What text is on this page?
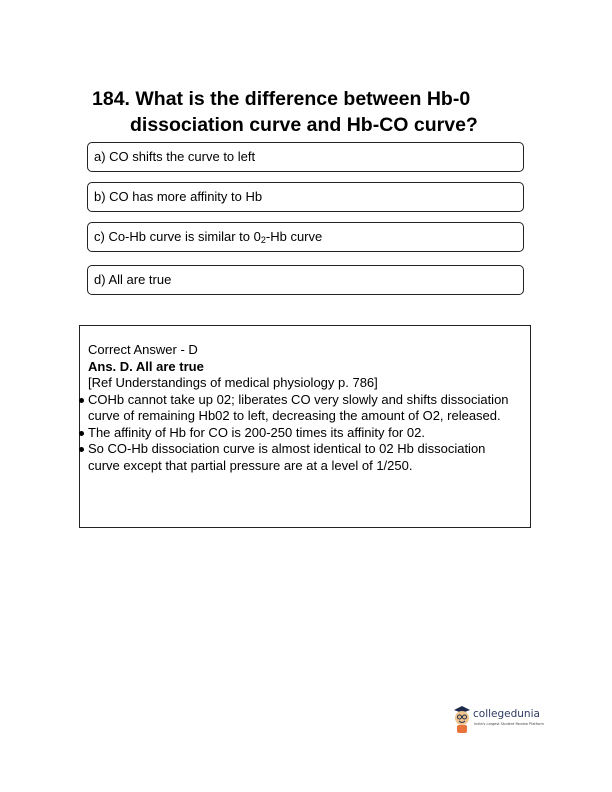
184. What is the difference between Hb-0
dissociation curve and Hb-CO curve?
a) CO shifts the curve to left
b) CO has more affinity to Hb
c) Co-Hb curve is similar to $0_2-Hb$ curve
d) All are true
Correct Answer - D
Ans. D. All are true
[Ref Understandings of medical physiology p. 786]
COHb cannot take up 02; liberates CO very slowly and shifts dissociation curve of remaining Hb02 to left, decreasing the amount of O2, released.
The affinity of Hb for CO is 200-250 times its affinity for 02.
So CO-Hb dissociation curve is almost identical to 02 Hb dissociation curve except that partial pressure are at a level of 1/250.
collegedunia
India's Largest Student Review Platform
